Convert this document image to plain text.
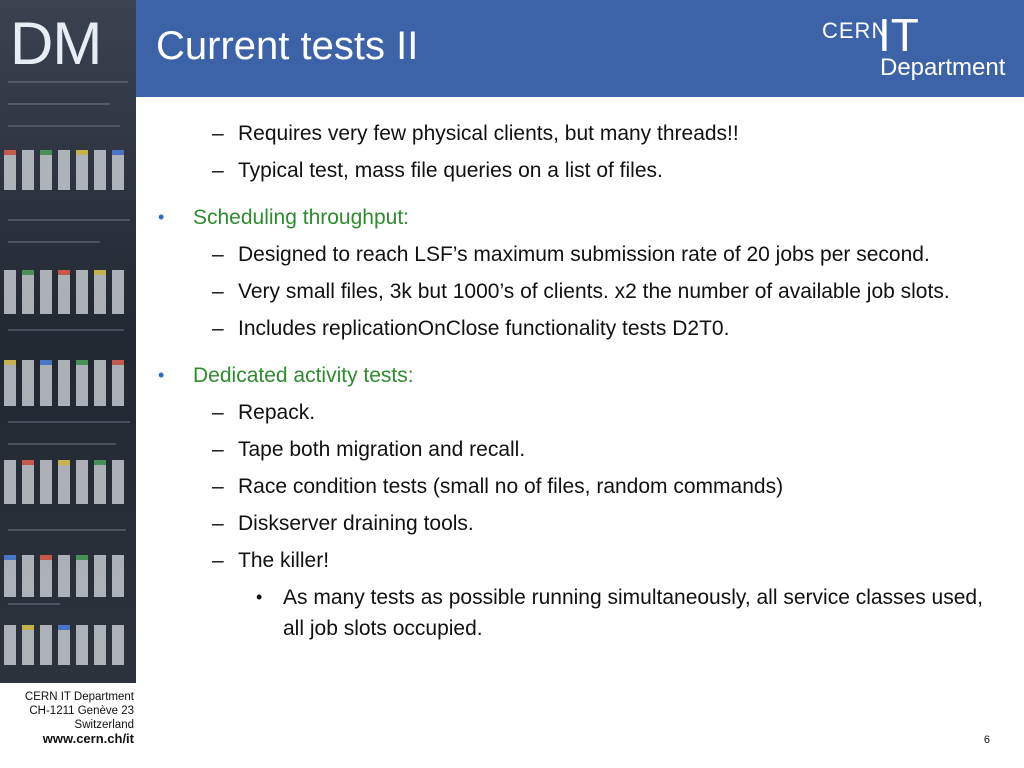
DM Current tests II	CERN
IT
Department
– Requires very few physical clients, but many threads!!
– Typical test, mass file queries on a list of files.
• Scheduling throughput:
– Designed to reach LSF’s maximum submission rate of 20 jobs per second.
– Very small files, 3k but 1000’s of clients. x2 the number of available job slots.
– Includes replicationOnClose functionality tests D2T0.
• Dedicated activity tests:
– Repack.
– Tape both migration and recall.
– Race condition tests (small no of files, random commands)
– Diskserver draining tools.
– The killer!
• As many tests as possible running simultaneously, all service classes used, all job slots occupied.
CERN IT Department
CH-1211 Genève 23
Switzerland
www.cern.ch/it	6
